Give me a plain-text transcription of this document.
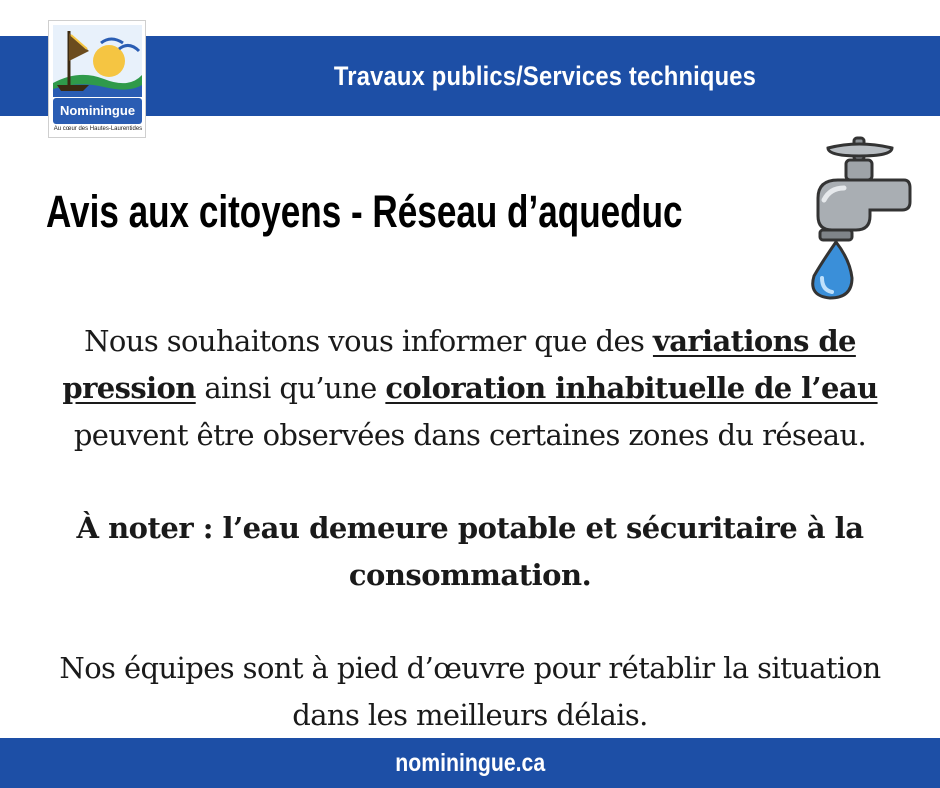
Travaux publics/Services techniques
Nominingue
Au cœur des Hautes-Laurentides
Avis aux citoyens - Réseau d’aqueduc
Nous souhaitons vous informer que des variations de
pression ainsi qu’une coloration inhabituelle de l’eau
peuvent être observées dans certaines zones du réseau.
À noter : l’eau demeure potable et sécuritaire à la
consommation.
Nos équipes sont à pied d’œuvre pour rétablir la situation
dans les meilleurs délais.
nominingue.ca
